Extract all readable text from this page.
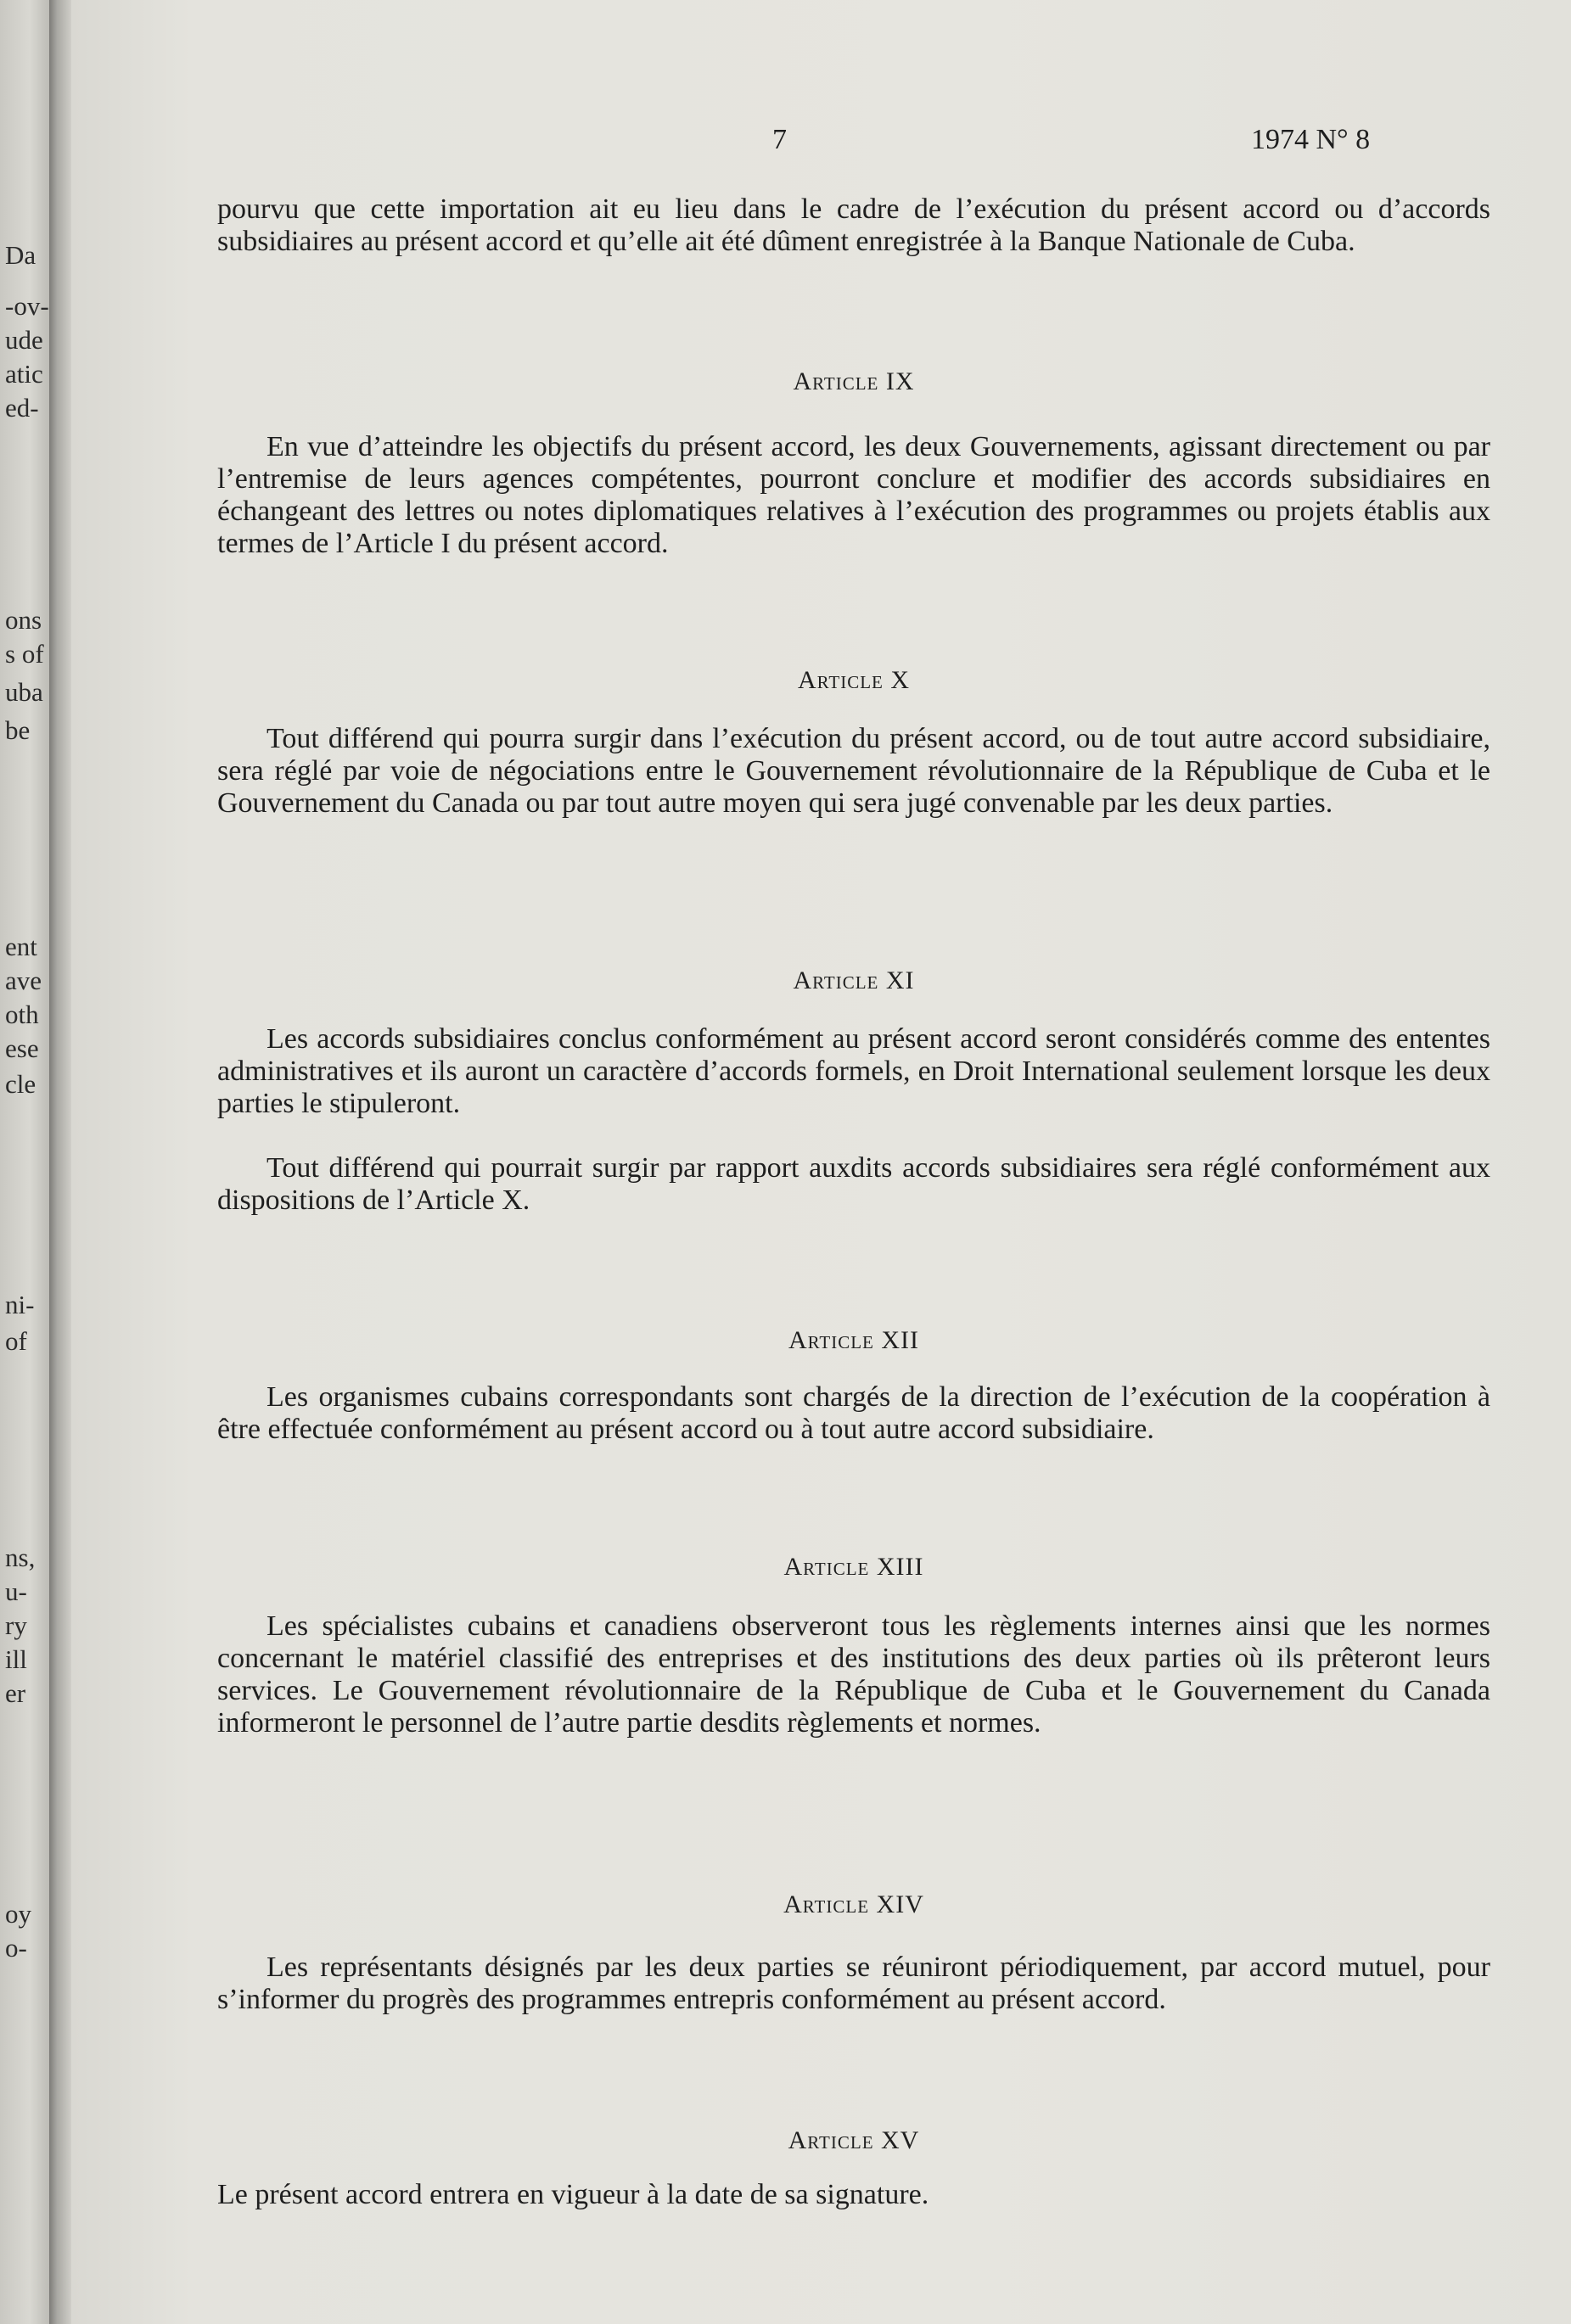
Da
-ov-
ude
atic
ed-
ons
s of
uba
be
ent
ave
oth
ese
cle
ni-
of
ns,
u-
ry
ill
er
oy
o-
7	1974 N° 8

pourvu que cette importation ait eu lieu dans le cadre de l’exécution du présent accord ou d’accords subsidiaires au présent accord et qu’elle ait été dûment enregistrée à la Banque Nationale de Cuba.

Article IX

En vue d’atteindre les objectifs du présent accord, les deux Gouvernements, agissant directement ou par l’entremise de leurs agences compétentes, pourront conclure et modifier des accords subsidiaires en échangeant des lettres ou notes diplomatiques relatives à l’exécution des programmes ou projets établis aux termes de l’Article I du présent accord.

Article X

Tout différend qui pourra surgir dans l’exécution du présent accord, ou de tout autre accord subsidiaire, sera réglé par voie de négociations entre le Gouvernement révolutionnaire de la République de Cuba et le Gouvernement du Canada ou par tout autre moyen qui sera jugé convenable par les deux parties.

Article XI

Les accords subsidiaires conclus conformément au présent accord seront considérés comme des ententes administratives et ils auront un caractère d’accords formels, en Droit International seulement lorsque les deux parties le stipuleront.

Tout différend qui pourrait surgir par rapport auxdits accords subsidiaires sera réglé conformément aux dispositions de l’Article X.

Article XII

Les organismes cubains correspondants sont chargés de la direction de l’exécution de la coopération à être effectuée conformément au présent accord ou à tout autre accord subsidiaire.

Article XIII

Les spécialistes cubains et canadiens observeront tous les règlements internes ainsi que les normes concernant le matériel classifié des entreprises et des institutions des deux parties où ils prêteront leurs services. Le Gouvernement révolutionnaire de la République de Cuba et le Gouvernement du Canada informeront le personnel de l’autre partie desdits règlements et normes.

Article XIV

Les représentants désignés par les deux parties se réuniront périodiquement, par accord mutuel, pour s’informer du progrès des programmes entrepris conformément au présent accord.

Article XV

Le présent accord entrera en vigueur à la date de sa signature.
